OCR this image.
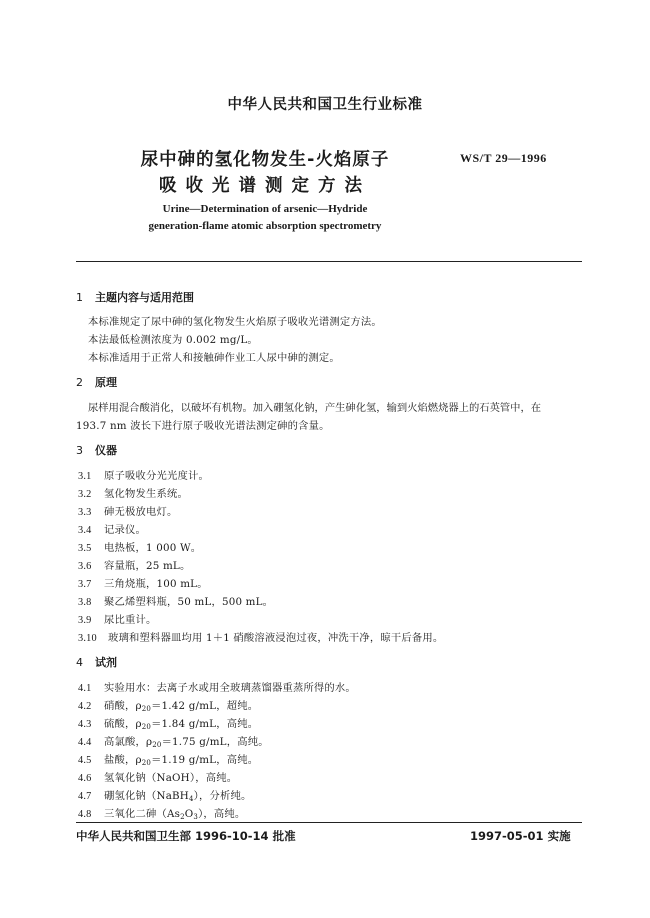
中华人民共和国卫生行业标准
尿中砷的氢化物发生-火焰原子
吸收光谱测定方法
WS/T 29—1996
Urine—Determination of arsenic—Hydride
generation-flame atomic absorption spectrometry
1 主题内容与适用范围
本标准规定了尿中砷的氢化物发生火焰原子吸收光谱测定方法。
本法最低检测浓度为 0.002 mg/L。
本标准适用于正常人和接触砷作业工人尿中砷的测定。
2 原理
尿样用混合酸消化，以破坏有机物。加入硼氢化钠，产生砷化氢，输到火焰燃烧器上的石英管中，在
193.7 nm 波长下进行原子吸收光谱法测定砷的含量。
3 仪器
3.1 原子吸收分光光度计。
3.2 氢化物发生系统。
3.3 砷无极放电灯。
3.4 记录仪。
3.5 电热板，1 000 W。
3.6 容量瓶，25 mL。
3.7 三角烧瓶，100 mL。
3.8 聚乙烯塑料瓶，50 mL，500 mL。
3.9 尿比重计。
3.10 玻璃和塑料器皿均用 1＋1 硝酸溶液浸泡过夜，冲洗干净，晾干后备用。
4 试剂
4.1 实验用水：去离子水或用全玻璃蒸馏器重蒸所得的水。
4.2 硝酸，$\rho_{20}=1.42$ g/mL，超纯。
4.3 硫酸，$\rho_{20}=1.84$ g/mL，高纯。
4.4 高氯酸，$\rho_{20}=1.75$ g/mL，高纯。
4.5 盐酸，$\rho_{20}=1.19$ g/mL，高纯。
4.6 氢氧化钠（NaOH），高纯。
4.7 硼氢化钠（NaBH$_4$），分析纯。
4.8 三氧化二砷$(As_2O_3)$，高纯。
中华人民共和国卫生部 1996-10-14 批准	1997-05-01 实施
